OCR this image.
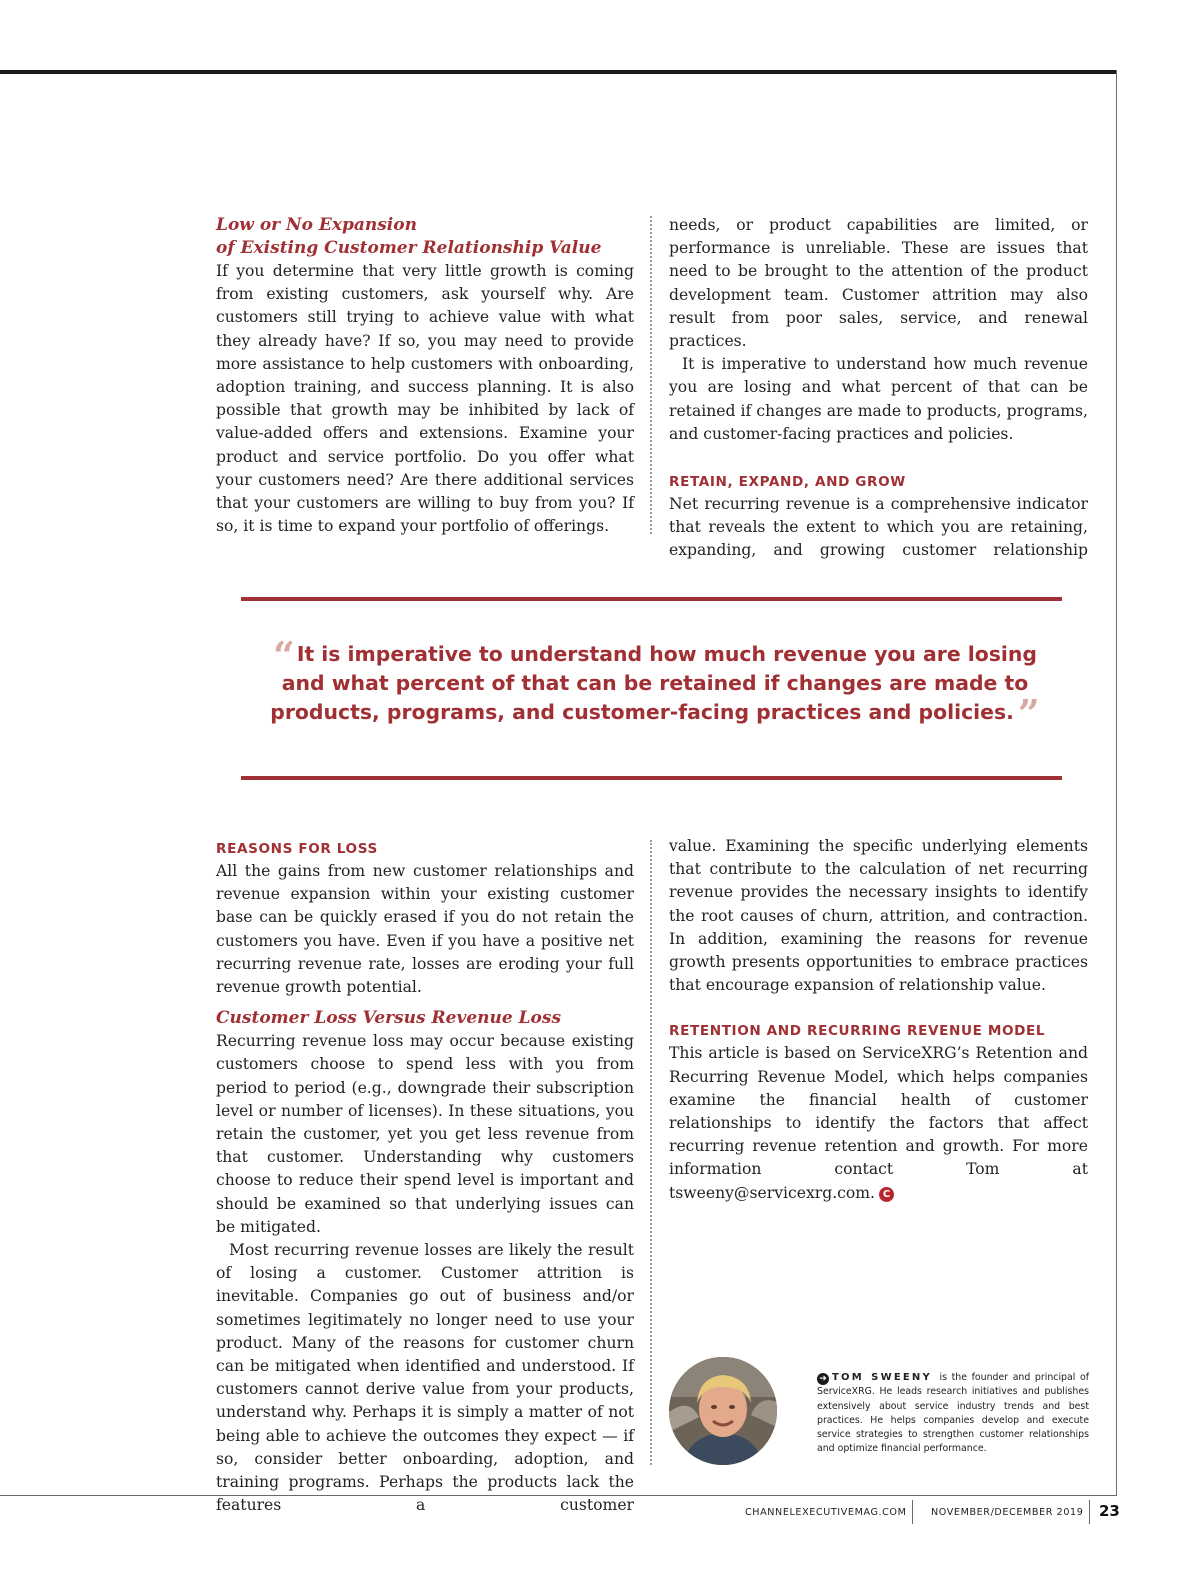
Low or No Expansion
of Existing Customer Relationship Value

If you determine that very little growth is coming from existing customers, ask yourself why. Are customers still trying to achieve value with what they already have? If so, you may need to provide more assistance to help customers with onboarding, adoption training, and success planning. It is also possible that growth may be inhibited by lack of value-added offers and extensions. Examine your product and service portfolio. Do you offer what your customers need? Are there additional services that your customers are willing to buy from you? If so, it is time to expand your portfolio of offerings.

needs, or product capabilities are limited, or performance is unreliable. These are issues that need to be brought to the attention of the product development team. Customer attrition may also result from poor sales, service, and renewal practices.

It is imperative to understand how much revenue you are losing and what percent of that can be retained if changes are made to products, programs, and customer-facing practices and policies.

RETAIN, EXPAND, AND GROW

Net recurring revenue is a comprehensive indicator that reveals the extent to which you are retaining, expanding, and growing customer relationship

“It is imperative to understand how much revenue you are losing and what percent of that can be retained if changes are made to products, programs, and customer-facing practices and policies. ”
REASONS FOR LOSS

All the gains from new customer relationships and revenue expansion within your existing customer base can be quickly erased if you do not retain the customers you have. Even if you have a positive net recurring revenue rate, losses are eroding your full revenue growth potential.

Customer Loss Versus Revenue Loss

Recurring revenue loss may occur because existing customers choose to spend less with you from period to period (e.g., downgrade their subscription level or number of licenses). In these situations, you retain the customer, yet you get less revenue from that customer. Understanding why customers choose to reduce their spend level is important and should be examined so that underlying issues can be mitigated.

Most recurring revenue losses are likely the result of losing a customer. Customer attrition is inevitable. Companies go out of business and/or sometimes legitimately no longer need to use your product. Many of the reasons for customer churn can be mitigated when identified and understood. If customers cannot derive value from your products, understand why. Perhaps it is simply a matter of not being able to achieve the outcomes they expect — if so, consider better onboarding, adoption, and training programs. Perhaps the products lack the features a customer

value. Examining the specific underlying elements that contribute to the calculation of net recurring revenue provides the necessary insights to identify the root causes of churn, attrition, and contraction. In addition, examining the reasons for revenue growth presents opportunities to embrace practices that encourage expansion of relationship value.

RETENTION AND RECURRING REVENUE MODEL

This article is based on ServiceXRG’s Retention and Recurring Revenue Model, which helps companies examine the financial health of customer relationships to identify the factors that affect recurring revenue retention and growth. For more information contact Tom at tsweeny@servicexrg.com. C

➔ TOM SWEENY is the founder and principal of ServiceXRG. He leads research initiatives and publishes extensively about service industry trends and best practices. He helps companies develop and execute service strategies to strengthen customer relationships and optimize financial performance.
CHANNELEXECUTIVEMAG.COM	NOVEMBER/DECEMBER 2019 23
